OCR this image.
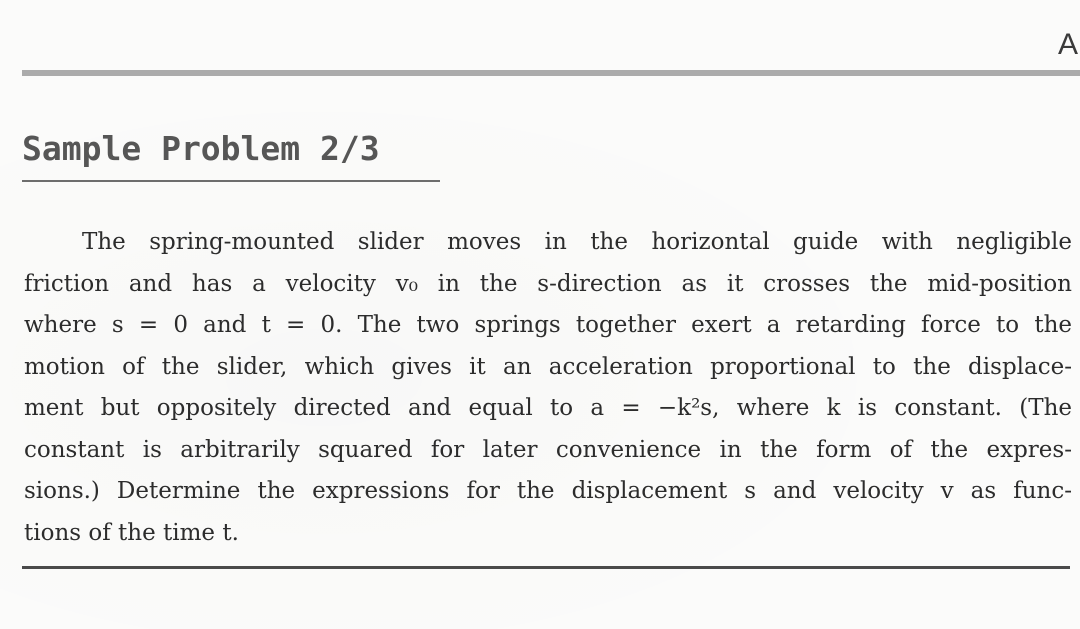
A
Sample Problem 2/3
The spring-mounted slider moves in the horizontal guide with negligible
friction and has a velocity v₀ in the s-direction as it crosses the mid-position
where s = 0 and t = 0. The two springs together exert a retarding force to the
motion of the slider, which gives it an acceleration proportional to the displace-
ment but oppositely directed and equal to a = −k²s, where k is constant. (The
constant is arbitrarily squared for later convenience in the form of the expres-
sions.) Determine the expressions for the displacement s and velocity v as func-
tions of the time t.
